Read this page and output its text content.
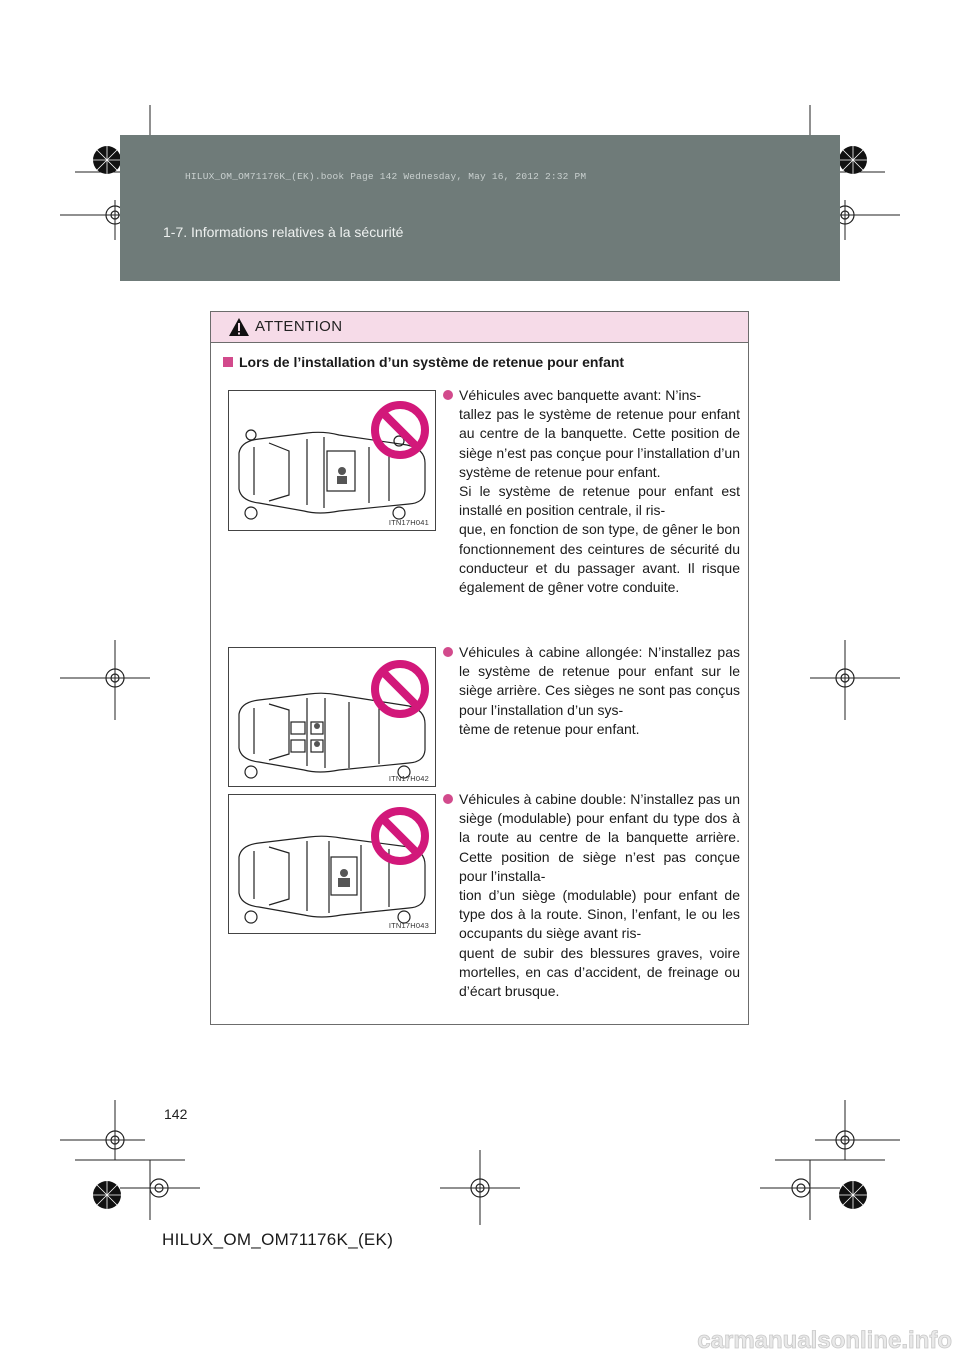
HILUX_OM_OM71176K_(EK).book Page 142 Wednesday, May 16, 2012 2:32 PM
1-7. Informations relatives à la sécurité
ATTENTION
Lors de l’installation d’un système de retenue pour enfant
ITN17H041
Véhicules avec banquette avant: N’ins-
tallez pas le système de retenue pour enfant au centre de la banquette. Cette position de siège n’est pas conçue pour l’installation d’un système de retenue pour enfant.
Si le système de retenue pour enfant est installé en position centrale, il ris-
que, en fonction de son type, de gêner le bon fonctionnement des ceintures de sécurité du conducteur et du passager avant. Il risque également de gêner votre conduite.
ITN17H042
Véhicules à cabine allongée: N’installez pas le système de retenue pour enfant sur le siège arrière. Ces sièges ne sont pas conçus pour l’installation d’un sys-
tème de retenue pour enfant.
ITN17H043
Véhicules à cabine double: N’installez pas un siège (modulable) pour enfant du type dos à la route au centre de la banquette arrière. Cette position de siège n’est pas conçue pour l’installa-
tion d’un siège (modulable) pour enfant de type dos à la route. Sinon, l’enfant, le ou les occupants du siège avant ris-
quent de subir des blessures graves, voire mortelles, en cas d’accident, de freinage ou d’écart brusque.
142
HILUX_OM_OM71176K_(EK)
carmanualsonline.info
